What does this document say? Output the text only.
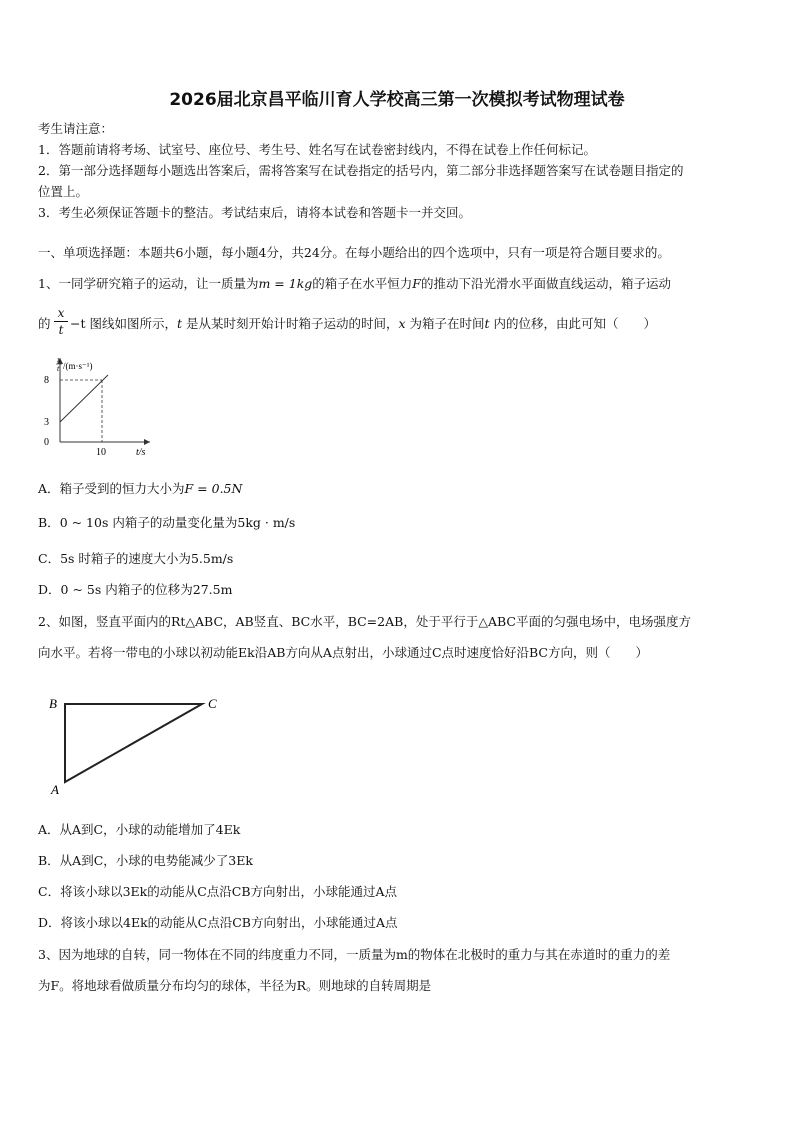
2026届北京昌平临川育人学校高三第一次模拟考试物理试卷
考生请注意：
1．答题前请将考场、试室号、座位号、考生号、姓名写在试卷密封线内，不得在试卷上作任何标记。
2．第一部分选择题每小题选出答案后，需将答案写在试卷指定的括号内，第二部分非选择题答案写在试卷题目指定的
位置上。
3．考生必须保证答题卡的整洁。考试结束后，请将本试卷和答题卡一并交回。
一、单项选择题：本题共6小题，每小题4分，共24分。在每小题给出的四个选项中，只有一项是符合题目要求的。
1、一同学研究箱子的运动，让一质量为m = 1kg的箱子在水平恒力F的推动下沿光滑水平面做直线运动，箱子运动
的
x
t −t 图线如图所示，t 是从某时刻开始计时箱子运动的时间，x 为箱子在时间t 内的位移，由此可知（　　）
x
t /(m·s⁻¹)
8
3
0
10	t/s
A．箱子受到的恒力大小为F = 0.5N
B．0 ~ 10s 内箱子的动量变化量为5kg · m/s
C．5s 时箱子的速度大小为5.5m/s
D．0 ~ 5s 内箱子的位移为27.5m
2、如图，竖直平面内的Rt△ABC，AB竖直、BC水平，BC=2AB，处于平行于△ABC平面的匀强电场中，电场强度方
向水平。若将一带电的小球以初动能Ek沿AB方向从A点射出，小球通过C点时速度恰好沿BC方向，则（　　）
B	C
A
A．从A到C，小球的动能增加了4Ek
B．从A到C，小球的电势能减少了3Ek
C．将该小球以3Ek的动能从C点沿CB方向射出，小球能通过A点
D．将该小球以4Ek的动能从C点沿CB方向射出，小球能通过A点
3、因为地球的自转，同一物体在不同的纬度重力不同，一质量为m的物体在北极时的重力与其在赤道时的重力的差
为F。将地球看做质量分布均匀的球体，半径为R。则地球的自转周期是
